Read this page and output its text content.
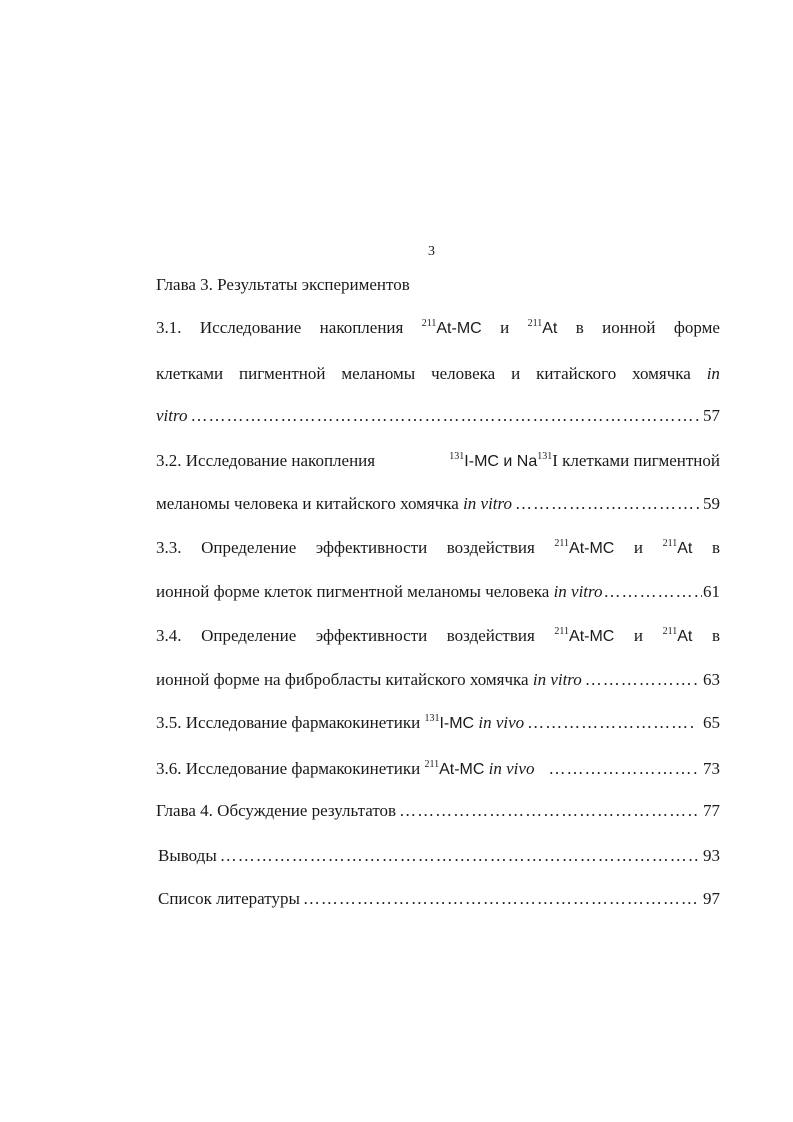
3
Глава 3. Результаты экспериментов
3.1. Исследование накопления $^{211}$At-MC и $^{211}$At в ионной форме
клетками пигментной меланомы человека и китайского хомячка in
vitro …………………………………………………………………………………………………………………………………………………………	57
3.2. Исследование накопления	$^{131}$I-MC и Na$^{131}$I клетками пигментной
меланомы человека и китайского хомячка
in vitro …………………………………………………………………………………………………………………………………………………………	59
3.3. Определение эффективности воздействия $^{211}$At-MC и $^{211}$At в
ионной форме клеток пигментной меланомы человека
in vitro …………………………………………………………………………………………………………………………………………………………	61
3.4. Определение эффективности воздействия $^{211}$At-MC и $^{211}$At в
ионной форме на фибробласты китайского хомячка
in vitro …………………………………………………………………………………………………………………………………………………………	63
3.5. Исследование фармакокинетики
$^{131}$I-MC
in vivo …………………………………………………………………………………………………………………………………………………………	65
3.6. Исследование фармакокинетики
$^{211}$At-MC
in vivo …………………………………………………………………………………………………………………………………………………………	73
Глава 4. Обсуждение результатов …………………………………………………………………………………………………………………………………………………………	77
Выводы …………………………………………………………………………………………………………………………………………………………	93
Список литературы …………………………………………………………………………………………………………………………………………………………	97
